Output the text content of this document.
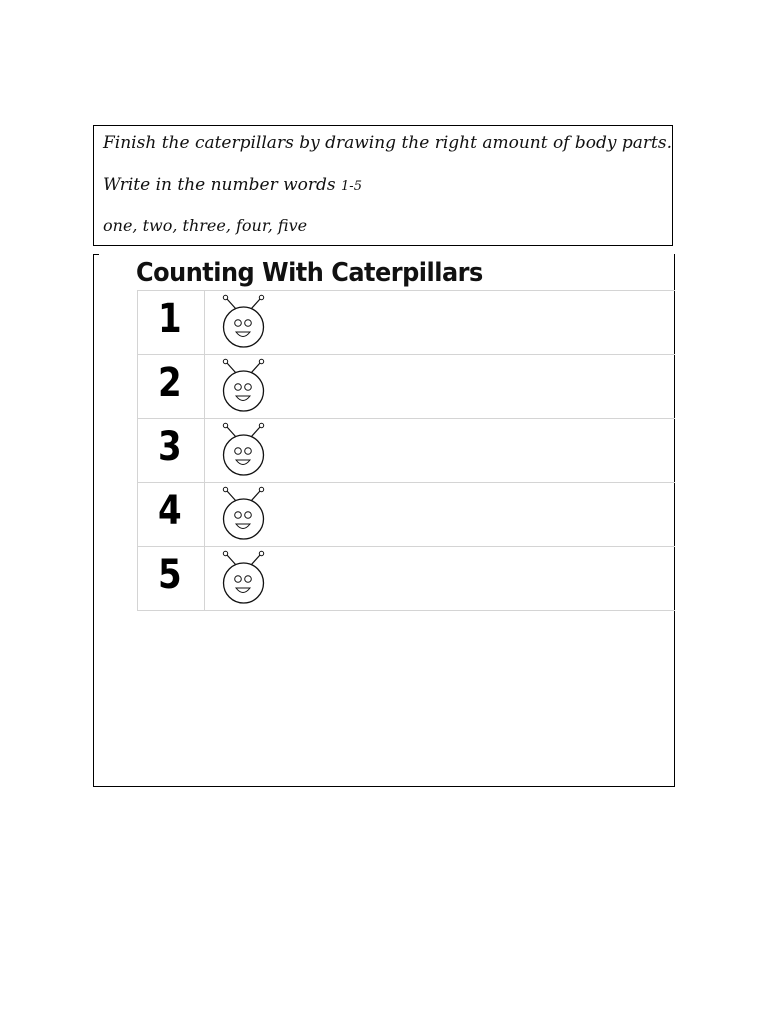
Finish the caterpillars by drawing the right amount of body parts.
Write in the number words 1-5
one, two, three, four, five
Counting With Caterpillars
1

2

3

4

5
